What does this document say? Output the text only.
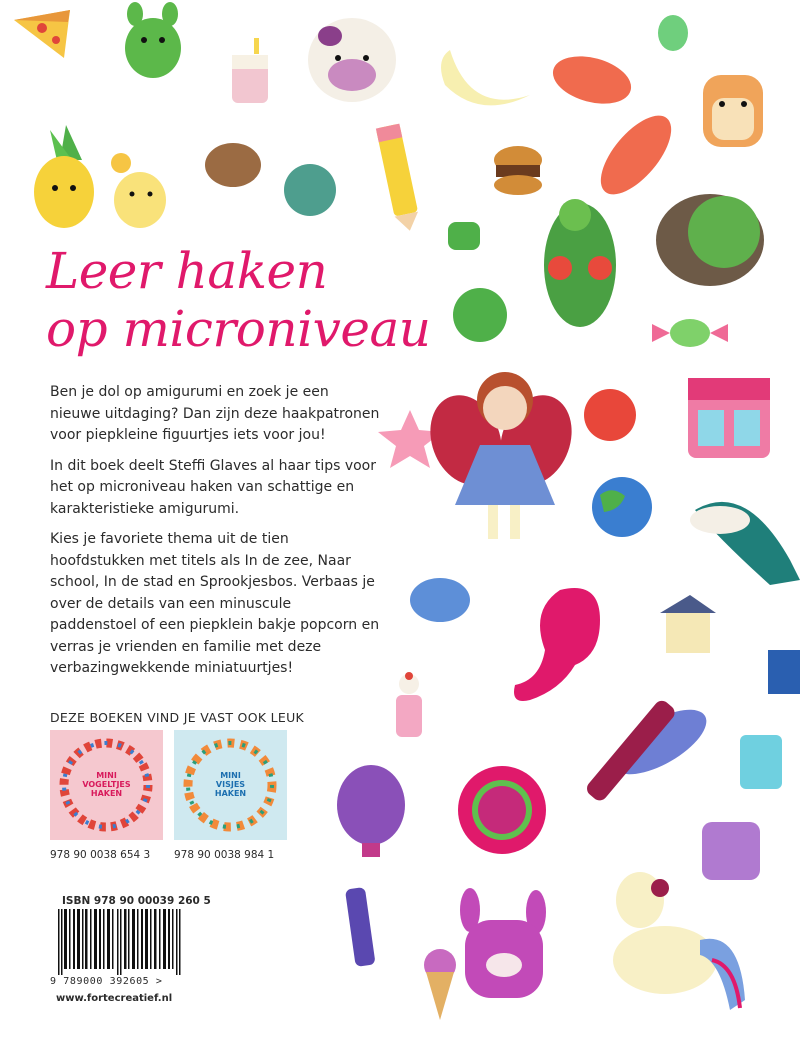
Leer haken
op microniveau

Ben je dol op amigurumi en zoek je een nieuwe uitdaging? Dan zijn deze haakpatronen voor piepkleine figuurtjes iets voor jou!

In dit boek deelt Steffi Glaves al haar tips voor het op microniveau haken van schattige en karakteristieke amigurumi.

Kies je favoriete thema uit de tien hoofdstukken met titels als In de zee, Naar school, In de stad en Sprookjesbos. Verbaas je over de details van een minuscule paddenstoel of een piepklein bakje popcorn en verras je vrienden en familie met deze verbazingwekkende miniatuurtjes!

DEZE BOEKEN VIND JE VAST OOK LEUK
MINI
VOGELTJES
HAKEN
MINI
VISJES
HAKEN

978 90 0038 654 3 978 90 0038 984 1

ISBN 978 90 00039 260 5

9 789000 392605 >

www.fortecreatief.nl
